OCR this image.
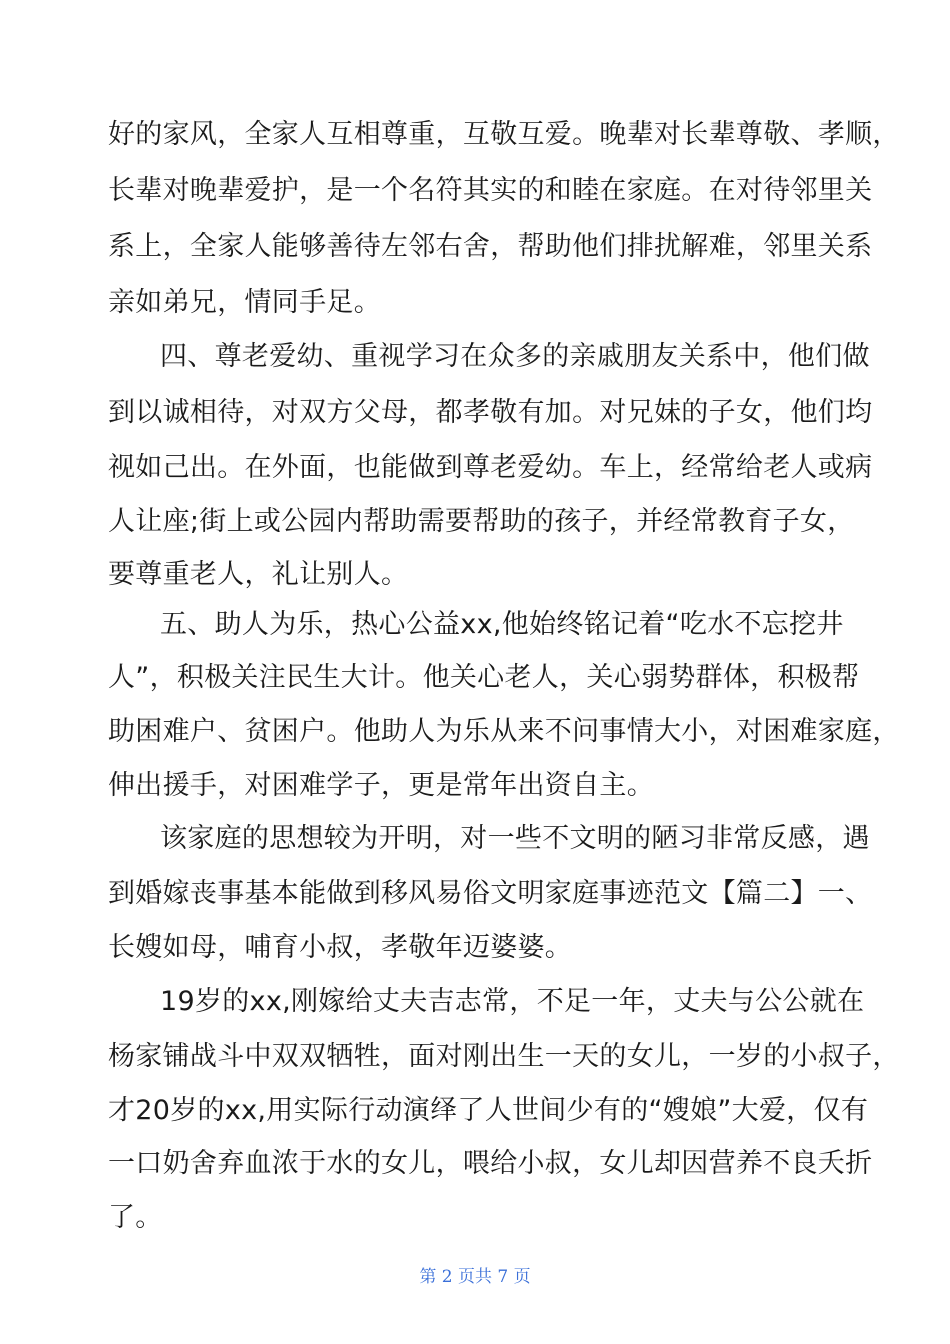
好的家风，全家人互相尊重，互敬互爱。晚辈对长辈尊敬、孝顺，
长辈对晚辈爱护，是一个名符其实的和睦在家庭。在对待邻里关
系上，全家人能够善待左邻右舍，帮助他们排扰解难，邻里关系
亲如弟兄，情同手足。
四、尊老爱幼、重视学习在众多的亲戚朋友关系中，他们做
到以诚相待，对双方父母，都孝敬有加。对兄妹的子女，他们均
视如己出。在外面，也能做到尊老爱幼。车上，经常给老人或病
人让座;街上或公园内帮助需要帮助的孩子，并经常教育子女，
要尊重老人，礼让别人。
五、助人为乐，热心公益xx,他始终铭记着“吃水不忘挖井
人”，积极关注民生大计。他关心老人，关心弱势群体，积极帮
助困难户、贫困户。他助人为乐从来不问事情大小，对困难家庭，
伸出援手，对困难学子，更是常年出资自主。
该家庭的思想较为开明，对一些不文明的陋习非常反感，遇
到婚嫁丧事基本能做到移风易俗文明家庭事迹范文【篇二】一、
长嫂如母，哺育小叔，孝敬年迈婆婆。
19岁的xx,刚嫁给丈夫吉志常，不足一年，丈夫与公公就在
杨家铺战斗中双双牺牲，面对刚出生一天的女儿，一岁的小叔子，
才20岁的xx,用实际行动演绎了人世间少有的“嫂娘”大爱，仅有
一口奶舍弃血浓于水的女儿，喂给小叔，女儿却因营养不良夭折
了。
第 2 页共 7 页
